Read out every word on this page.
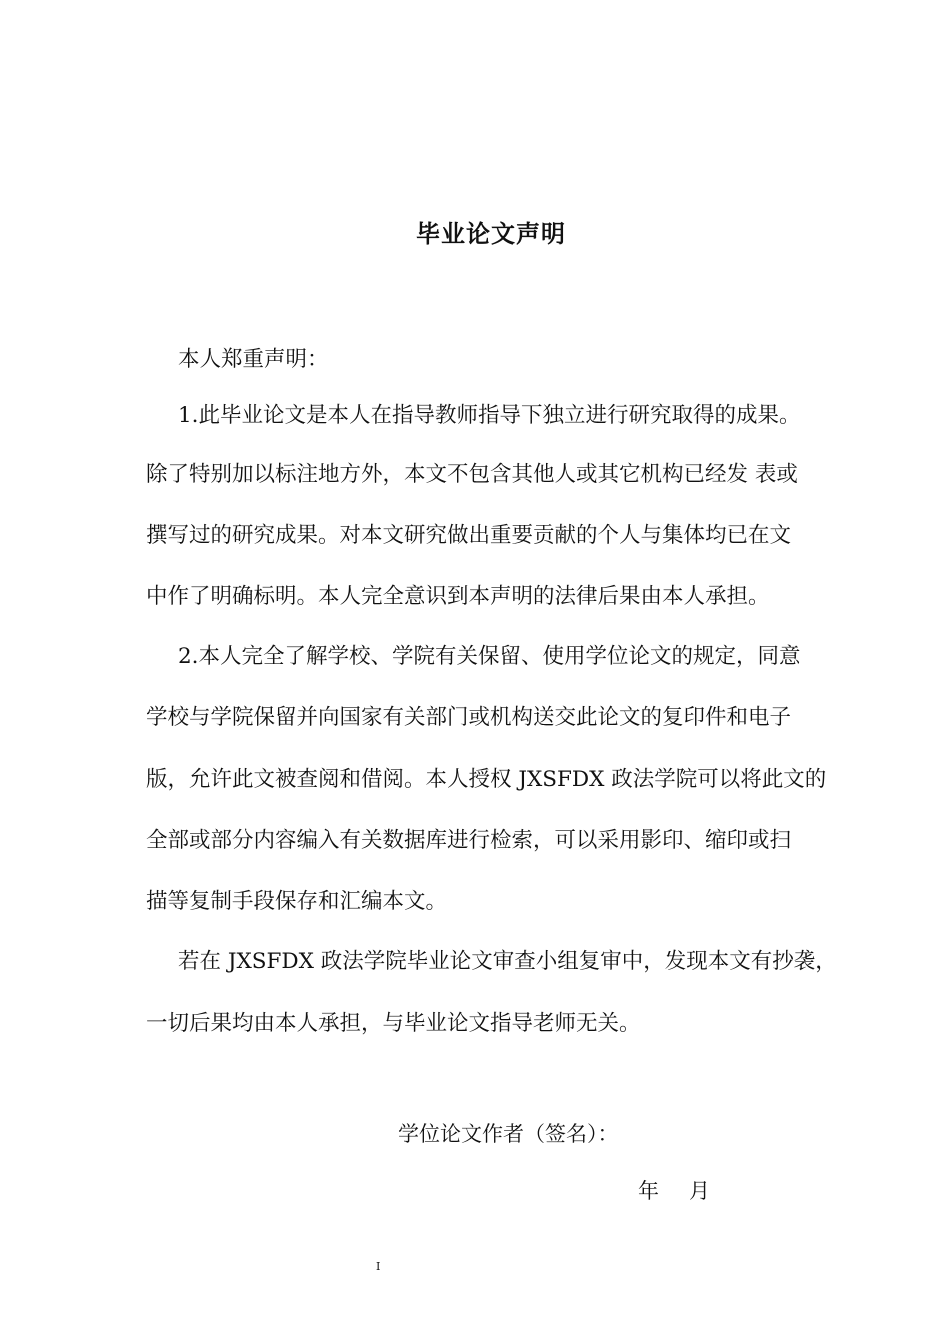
毕业论文声明

本人郑重声明：

1.此毕业论文是本人在指导教师指导下独立进行研究取得的成果。

除了特别加以标注地方外，本文不包含其他人或其它机构已经发 表或

撰写过的研究成果。对本文研究做出重要贡献的个人与集体均已在文

中作了明确标明。本人完全意识到本声明的法律后果由本人承担。

2.本人完全了解学校、学院有关保留、使用学位论文的规定，同意

学校与学院保留并向国家有关部门或机构送交此论文的复印件和电子

版，允许此文被查阅和借阅。本人授权 JXSFDX 政法学院可以将此文的

全部或部分内容编入有关数据库进行检索，可以采用影印、缩印或扫

描等复制手段保存和汇编本文。

若在 JXSFDX 政法学院毕业论文审查小组复审中，发现本文有抄袭，

一切后果均由本人承担，与毕业论文指导老师无关。

学位论文作者（签名）：

年 月

I
